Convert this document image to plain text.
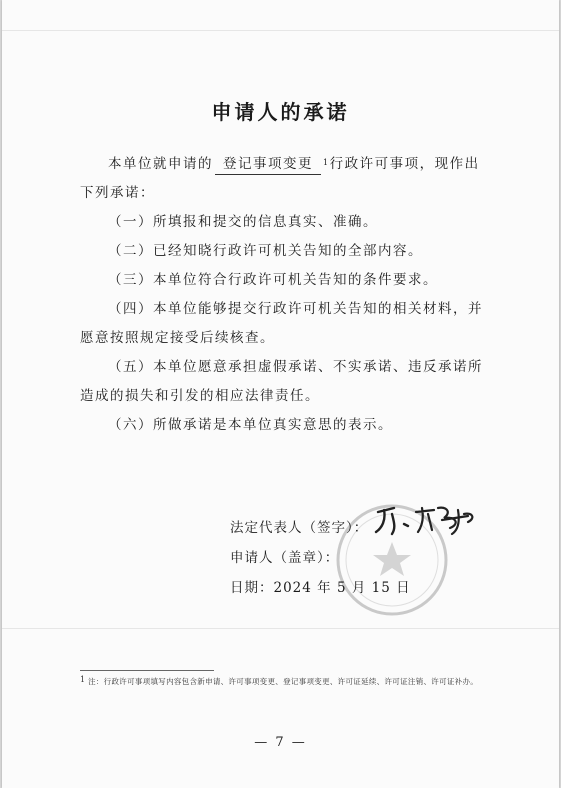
申请人的承诺
本单位就申请的 登记事项变更 $^1$行政许可事项，现作出
下列承诺：
（一）所填报和提交的信息真实、准确。
（二）已经知晓行政许可机关告知的全部内容。
（三）本单位符合行政许可机关告知的条件要求。
（四）本单位能够提交行政许可机关告知的相关材料，并
愿意按照规定接受后续核查。
（五）本单位愿意承担虚假承诺、不实承诺、违反承诺所
造成的损失和引发的相应法律责任。
（六）所做承诺是本单位真实意思的表示。
法定代表人（签字）：
申请人（盖章）：
日期：2024 年 5 月 15 日
1 注：行政许可事项填写内容包含新申请、许可事项变更、登记事项变更、许可证延续、许可证注销、许可证补办。
— 7 —
